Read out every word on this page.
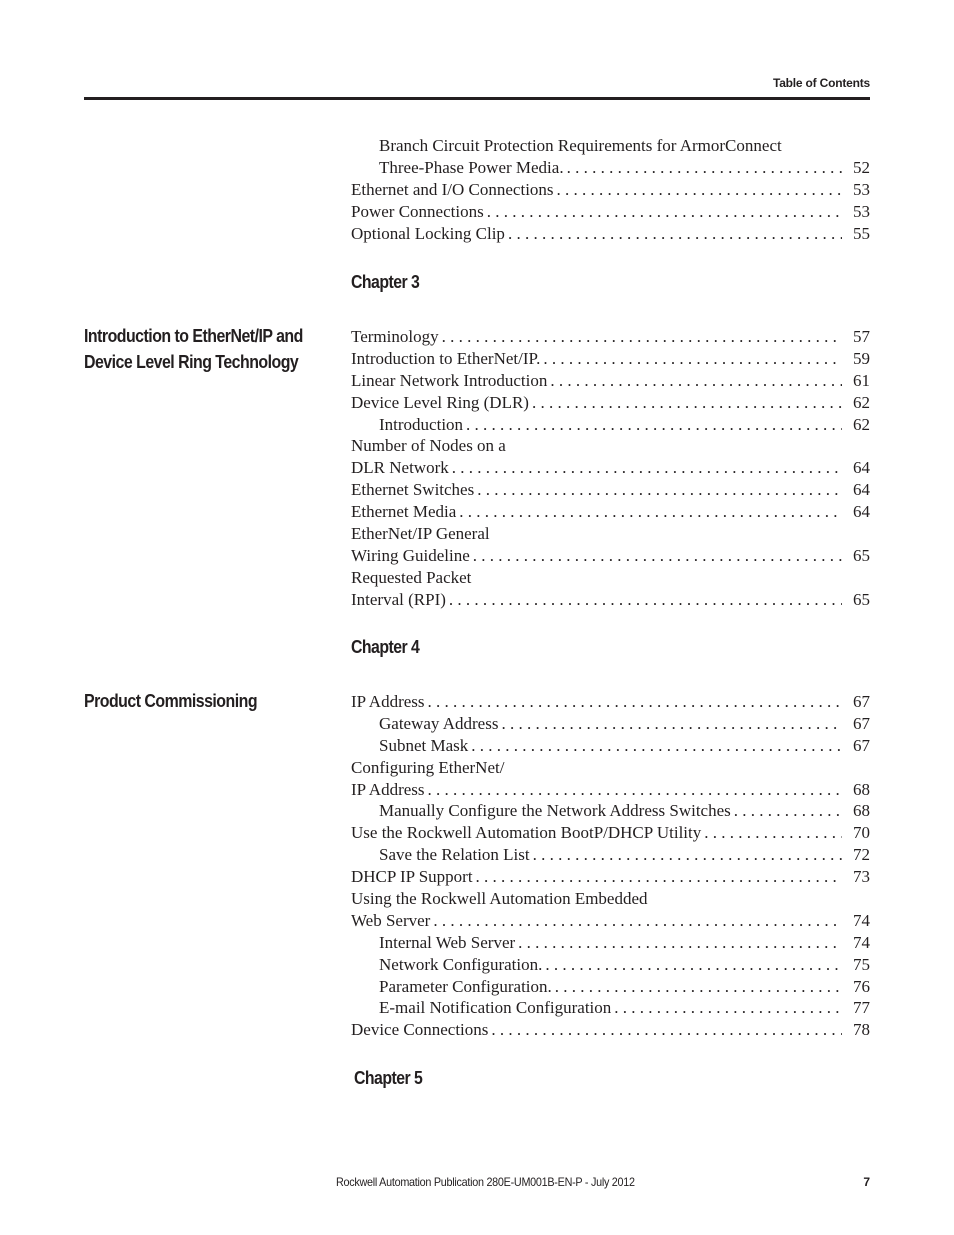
Table of Contents
Branch Circuit Protection Requirements for ArmorConnect
Three-Phase Power Media. . . .	52
Ethernet and I/O Connections . . .	53
Power Connections . . .	53
Optional Locking Clip . . .	55
Chapter 3
Introduction to EtherNet/IP and Device Level Ring Technology
Terminology . . .	57
Introduction to EtherNet/IP. . . .	59
Linear Network Introduction . . .	61
Device Level Ring (DLR) . . .	62
Introduction . . .	62
Number of Nodes on a
DLR Network . . .	64
Ethernet Switches . . .	64
Ethernet Media . . .	64
EtherNet/IP General
Wiring Guideline . . .	65
Requested Packet
Interval (RPI) . . .	65
Chapter 4
Product Commissioning	IP Address . . .	67
Gateway Address . . .	67
Subnet Mask . . .	67
Configuring EtherNet/
IP Address . . .	68
Manually Configure the Network Address Switches . . .	68
Use the Rockwell Automation BootP/DHCP Utility . . .	70
Save the Relation List . . .	72
DHCP IP Support . . .	73
Using the Rockwell Automation Embedded
Web Server . . .	74
Internal Web Server . . .	74
Network Configuration. . . .	75
Parameter Configuration. . . .	76
E-mail Notification Configuration . . .	77
Device Connections . . .	78
Chapter 5
Rockwell Automation Publication 280E-UM001B-EN-P - July 2012	7
